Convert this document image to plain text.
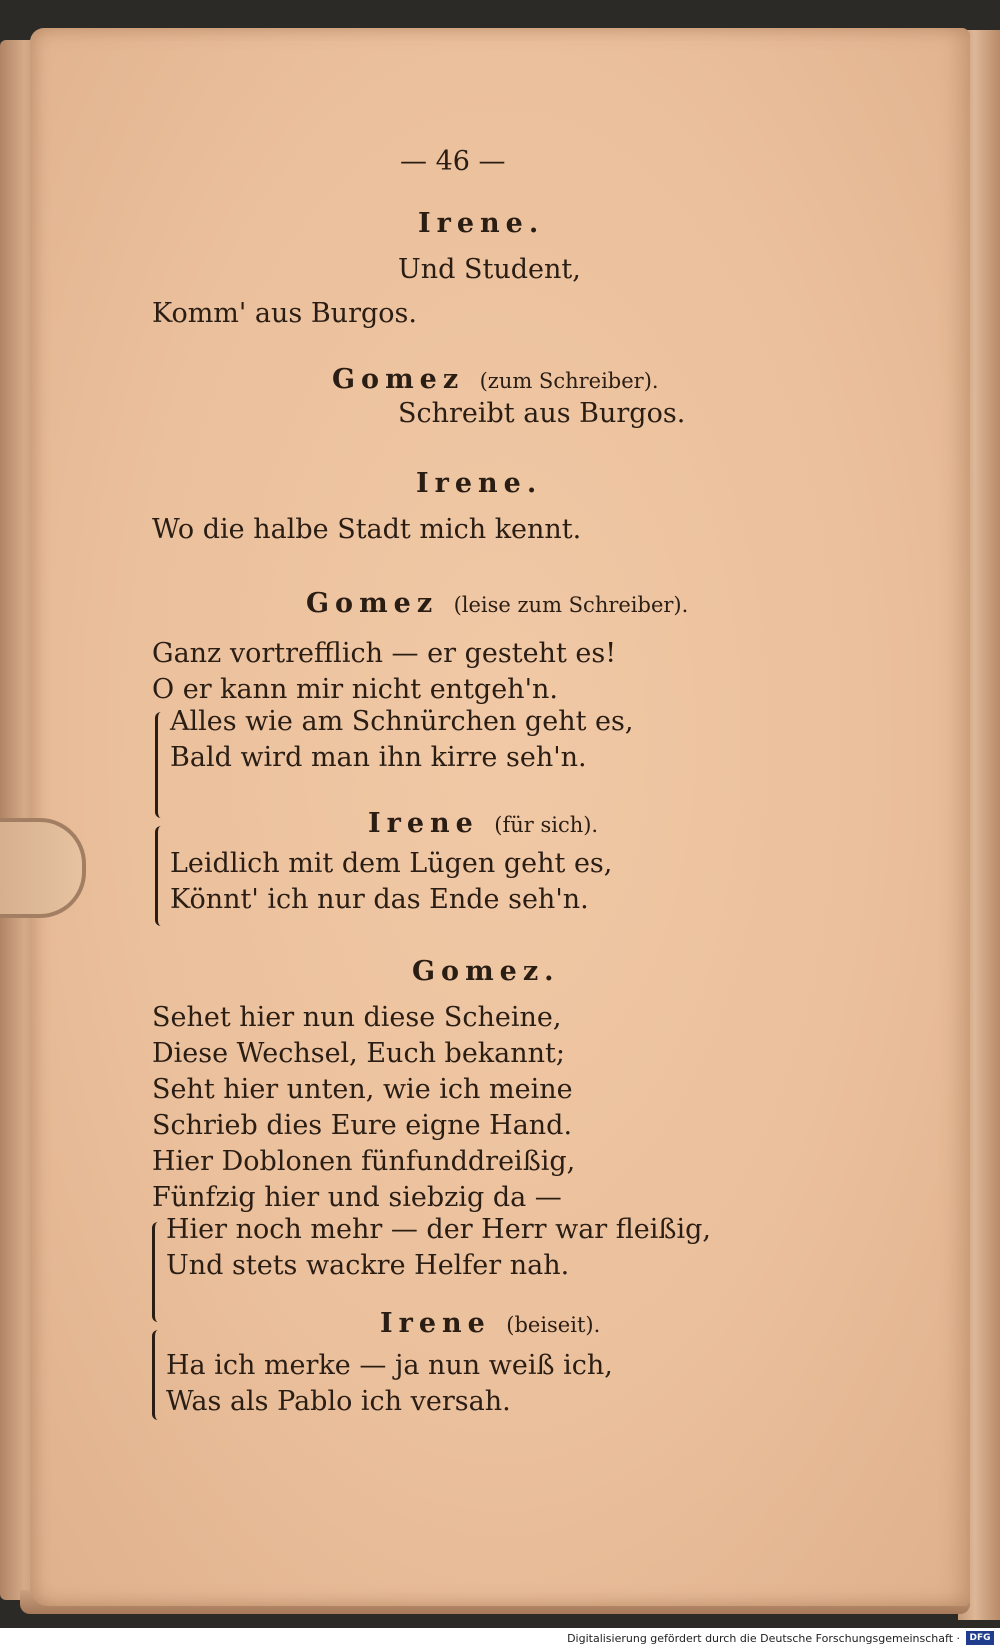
— 46 —
Irene.
Und Student,
Komm' aus Burgos.
Gomez (zum Schreiber).
Schreibt aus Burgos.
Irene.
Wo die halbe Stadt mich kennt.
Gomez (leise zum Schreiber).
Ganz vortrefflich — er gesteht es!
O er kann mir nicht entgeh'n.
Alles wie am Schnürchen geht es,
Bald wird man ihn kirre seh'n.
Irene (für sich).
Leidlich mit dem Lügen geht es,
Könnt' ich nur das Ende seh'n.
Gomez.
Sehet hier nun diese Scheine,
Diese Wechsel, Euch bekannt;
Seht hier unten, wie ich meine
Schrieb dies Eure eigne Hand.
Hier Doblonen fünfunddreißig,
Fünfzig hier und siebzig da —
Hier noch mehr — der Herr war fleißig,
Und stets wackre Helfer nah.
Irene (beiseit).
Ha ich merke — ja nun weiß ich,
Was als Pablo ich versah.
Digitalisierung gefördert durch die Deutsche Forschungsgemeinschaft ·	DFG
